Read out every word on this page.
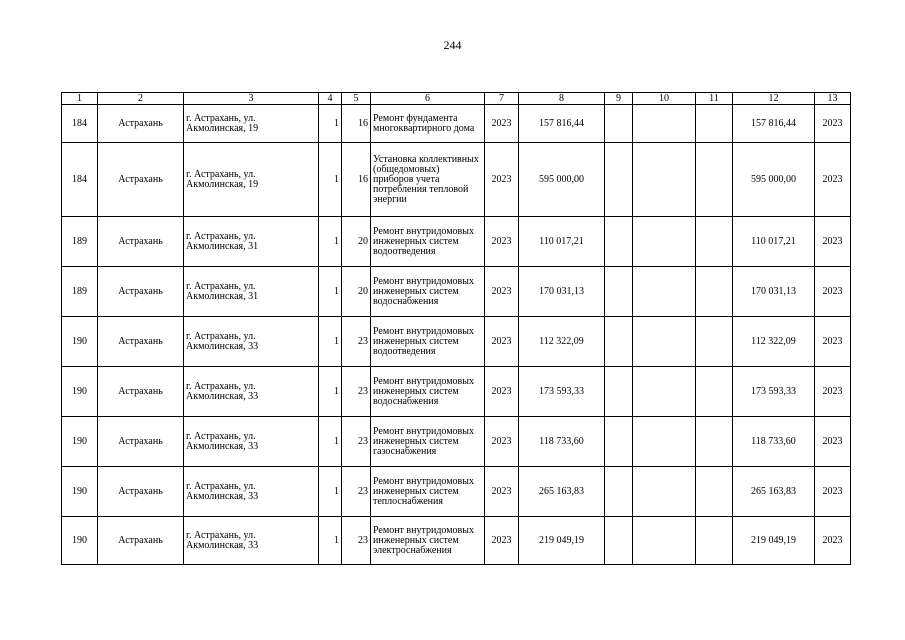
244
1	2	3	4	5	6	7	8	9	10	11	12	13
184	Астрахань	г. Астрахань, ул. Акмолинская, 19	1	16	Ремонт фундамента многоквартирного дома	2023	157 816,44				157 816,44	2023
184	Астрахань	г. Астрахань, ул. Акмолинская, 19	1	16	Установка коллективных (общедомовых) приборов учета потребления тепловой энергии	2023	595 000,00				595 000,00	2023
189	Астрахань	г. Астрахань, ул. Акмолинская, 31	1	20	Ремонт внутридомовых инженерных систем водоотведения	2023	110 017,21				110 017,21	2023
189	Астрахань	г. Астрахань, ул. Акмолинская, 31	1	20	Ремонт внутридомовых инженерных систем водоснабжения	2023	170 031,13				170 031,13	2023
190	Астрахань	г. Астрахань, ул. Акмолинская, 33	1	23	Ремонт внутридомовых инженерных систем водоотведения	2023	112 322,09				112 322,09	2023
190	Астрахань	г. Астрахань, ул. Акмолинская, 33	1	23	Ремонт внутридомовых инженерных систем водоснабжения	2023	173 593,33				173 593,33	2023
190	Астрахань	г. Астрахань, ул. Акмолинская, 33	1	23	Ремонт внутридомовых инженерных систем газоснабжения	2023	118 733,60				118 733,60	2023
190	Астрахань	г. Астрахань, ул. Акмолинская, 33	1	23	Ремонт внутридомовых инженерных систем теплоснабжения	2023	265 163,83				265 163,83	2023
190	Астрахань	г. Астрахань, ул. Акмолинская, 33	1	23	Ремонт внутридомовых инженерных систем электроснабжения	2023	219 049,19				219 049,19	2023
